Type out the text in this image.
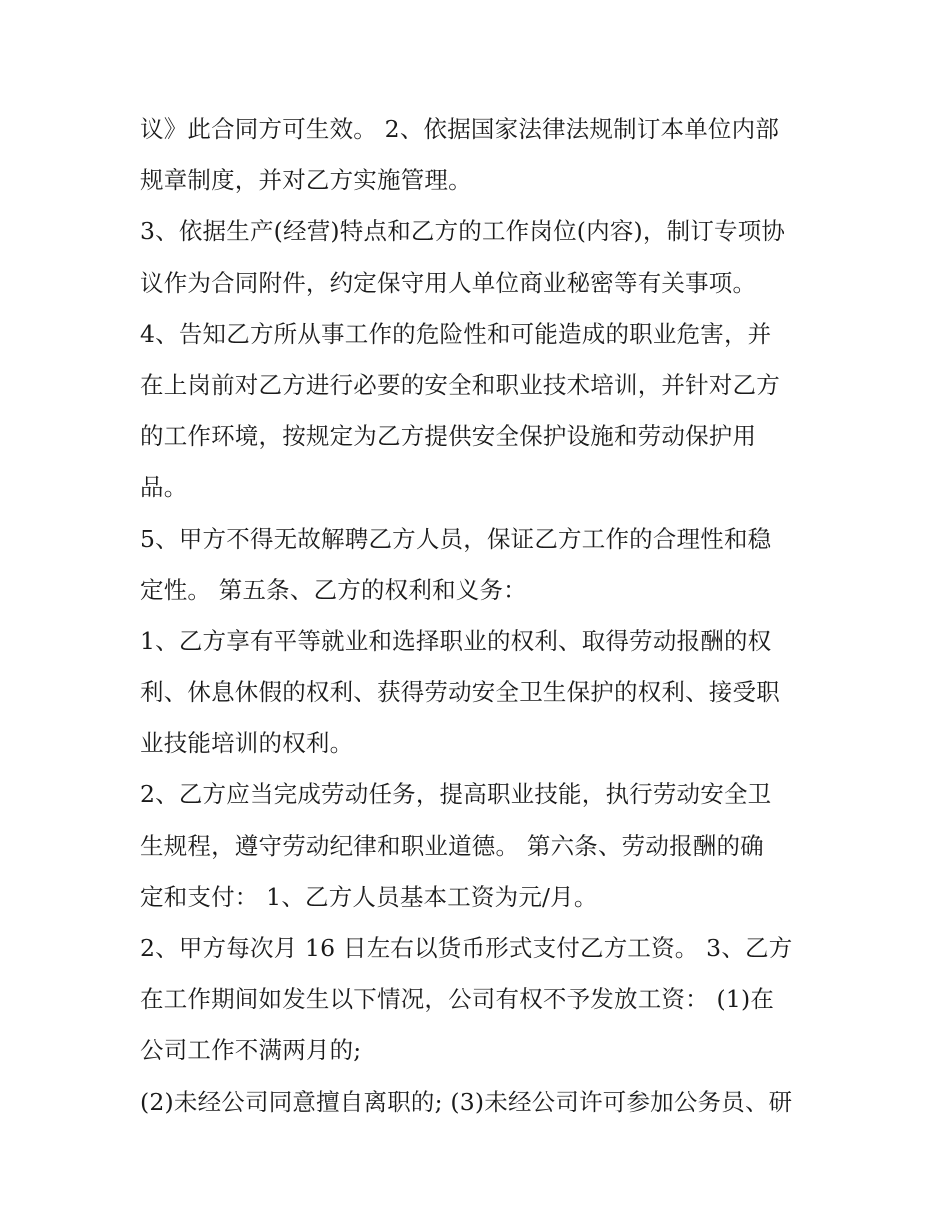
议》此合同方可生效。 2、依据国家法律法规制订本单位内部
规章制度，并对乙方实施管理。
3、依据生产(经营)特点和乙方的工作岗位(内容)，制订专项协
议作为合同附件，约定保守用人单位商业秘密等有关事项。
4、告知乙方所从事工作的危险性和可能造成的职业危害，并
在上岗前对乙方进行必要的安全和职业技术培训，并针对乙方
的工作环境，按规定为乙方提供安全保护设施和劳动保护用
品。
5、甲方不得无故解聘乙方人员，保证乙方工作的合理性和稳
定性。 第五条、乙方的权利和义务：
1、乙方享有平等就业和选择职业的权利、取得劳动报酬的权
利、休息休假的权利、获得劳动安全卫生保护的权利、接受职
业技能培训的权利。
2、乙方应当完成劳动任务，提高职业技能，执行劳动安全卫
生规程，遵守劳动纪律和职业道德。 第六条、劳动报酬的确
定和支付： 1、乙方人员基本工资为元/月。
2、甲方每次月 16 日左右以货币形式支付乙方工资。 3、乙方
在工作期间如发生以下情况，公司有权不予发放工资： (1)在
公司工作不满两月的;
(2)未经公司同意擅自离职的; (3)未经公司许可参加公务员、研
